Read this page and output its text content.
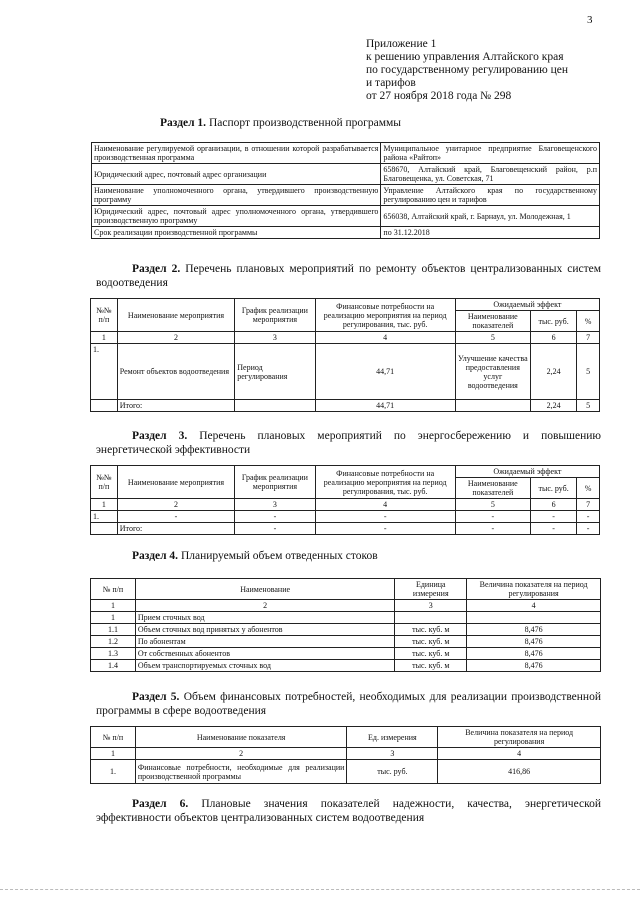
3
Приложение 1
к решению управления Алтайского края
по государственному регулированию цен
и тарифов
от 27 ноября 2018 года № 298
Раздел 1. Паспорт производственной программы
Наименование регулируемой организации, в отношении которой разрабатывается производственная программа	Муниципальное унитарное предприятие Благовещенского района «Райтоп»
Юридический адрес, почтовый адрес организации	658670, Алтайский край, Благовещенский район, р.п Благовещенка, ул. Советская, 71
Наименование уполномоченного органа, утвердившего производственную программу	Управление Алтайского края по государственному регулированию цен и тарифов
Юридический адрес, почтовый адрес уполномоченного органа, утвердившего производственную программу	656038, Алтайский край, г. Барнаул, ул. Молодежная, 1
Срок реализации производственной программы	по 31.12.2018
Раздел 2. Перечень плановых мероприятий по ремонту объектов централизованных систем водоотведения
№№ п/п	Наименование мероприятия	График реализации мероприятия	Финансовые потребности на реализацию мероприятия на период регулирования, тыс. руб.	Ожидаемый эффект		
				Наименование показателей	тыс. руб.	%
1	2	3	4	5	6	7
1.	Ремонт объектов водоотведения	Период регулирования	44,71	Улучшение качества предоставления услуг водоотведения	2,24	5
	Итого:		44,71		2,24	5
Раздел 3. Перечень плановых мероприятий по энергосбережению и повышению энергетической эффективности
№№ п/п	Наименование мероприятия	График реализации мероприятия	Финансовые потребности на реализацию мероприятия на период регулирования, тыс. руб.	Ожидаемый эффект		
				Наименование показателей	тыс. руб.	%
1	2	3	4	5	6	7
1.	-	-	-	-	-	-
	Итого:	-	-	-	-	-
Раздел 4. Планируемый объем отведенных стоков
№ п/п	Наименование	Единица измерения	Величина показателя на период регулирования
1	2	3	4
1	Прием сточных вод		
1.1	Объем сточных вод принятых у абонентов	тыс. куб. м	8,476
1.2	По абонентам	тыс. куб. м	8,476
1.3	От собственных абонентов	тыс. куб. м	8,476
1.4	Объем транспортируемых сточных вод	тыс. куб. м	8,476
Раздел 5. Объем финансовых потребностей, необходимых для реализации производственной программы в сфере водоотведения
№ п/п	Наименование показателя	Ед. измерения	Величина показателя на период регулирования
1	2	3	4
1.	Финансовые потребности, необходимые для реализации производственной программы	тыс. руб.	416,86
Раздел 6. Плановые значения показателей надежности, качества, энергетической эффективности объектов централизованных систем водоотведения
